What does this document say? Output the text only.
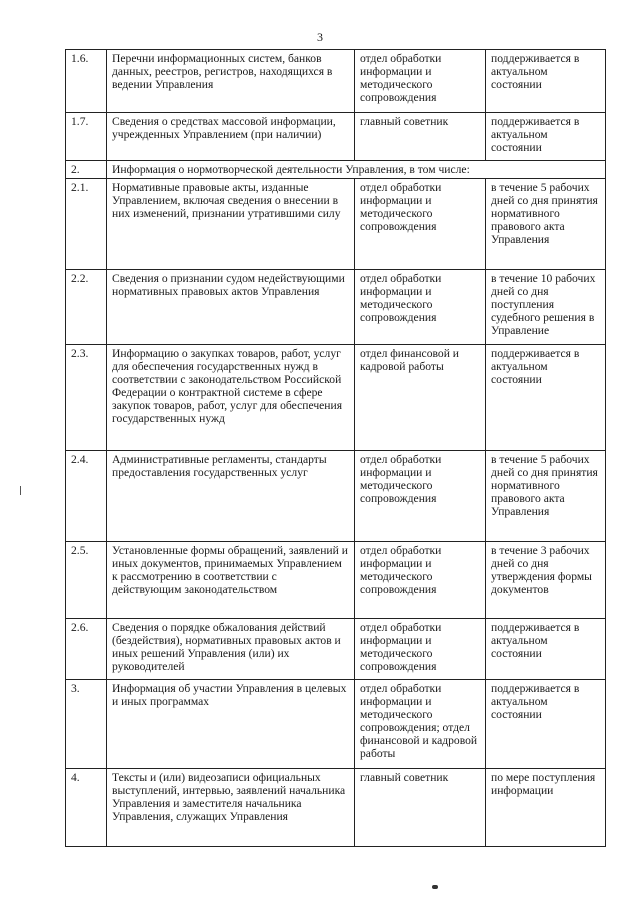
3
1.6.	Перечни информационных систем, банков данных, реестров, регистров, находящихся в ведении Управления	отдел обработки информации и методического сопровождения	поддерживается в актуальном состоянии
1.7.	Сведения о средствах массовой информации, учрежденных Управлением (при наличии)	главный советник	поддерживается в актуальном состоянии
2.	Информация о нормотворческой деятельности Управления, в том числе:		
2.1.	Нормативные правовые акты, изданные Управлением, включая сведения о внесении в них изменений, признании утратившими силу	отдел обработки информации и методического сопровождения	в течение 5 рабочих дней со дня принятия нормативного правового акта Управления
2.2.	Сведения о признании судом недействующими нормативных правовых актов Управления	отдел обработки информации и методического сопровождения	в течение 10 рабочих дней со дня поступления судебного решения в Управление
2.3.	Информацию о закупках товаров, работ, услуг для обеспечения государственных нужд в соответствии с законодательством Российской Федерации о контрактной системе в сфере закупок товаров, работ, услуг для обеспечения государственных нужд	отдел финансовой и кадровой работы	поддерживается в актуальном состоянии
2.4.	Административные регламенты, стандарты предоставления государственных услуг	отдел обработки информации и методического сопровождения	в течение 5 рабочих дней со дня принятия нормативного правового акта Управления
2.5.	Установленные формы обращений, заявлений и иных документов, принимаемых Управлением к рассмотрению в соответствии с действующим законодательством	отдел обработки информации и методического сопровождения	в течение 3 рабочих дней со дня утверждения формы документов
2.6.	Сведения о порядке обжалования действий (бездействия), нормативных правовых актов и иных решений Управления (или) их руководителей	отдел обработки информации и методического сопровождения	поддерживается в актуальном состоянии
3.	Информация об участии Управления в целевых и иных программах	отдел обработки информации и методического сопровождения; отдел финансовой и кадровой работы	поддерживается в актуальном состоянии
4.	Тексты и (или) видеозаписи официальных выступлений, интервью, заявлений начальника Управления и заместителя начальника Управления, служащих Управления	главный советник	по мере поступления информации
